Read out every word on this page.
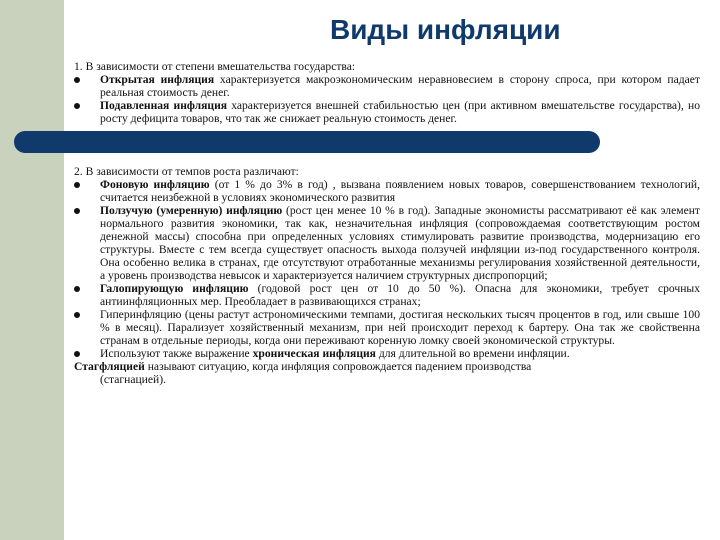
Виды инфляции

1. В зависимости от степени вмешательства государства:

Открытая инфляция характеризуется макроэкономическим неравновесием в сторону спроса, при котором падает реальная стоимость денег.
Подавленная инфляция характеризуется внешней стабильностью цен (при активном вмешательстве государства), но росту дефицита товаров, что так же снижает реальную стоимость денег.

2. В зависимости от темпов роста различают:

Фоновую инфляцию (от 1 % до 3% в год) , вызвана появлением новых товаров, совершенствованием технологий, считается неизбежной в условиях экономического развития
Ползучую (умеренную) инфляцию (рост цен менее 10 % в год). Западные экономисты рассматривают её как элемент нормального развития экономики, так как, незначительная инфляция (сопровождаемая соответствующим ростом денежной массы) способна при определенных условиях стимулировать развитие производства, модернизацию его структуры. Вместе с тем всегда существует опасность выхода ползучей инфляции из-под государственного контроля. Она особенно велика в странах, где отсутствуют отработанные механизмы регулирования хозяйственной деятельности, а уровень производства невысок и характеризуется наличием структурных диспропорций;
Галопирующую инфляцию (годовой рост цен от 10 до 50 %). Опасна для экономики, требует срочных антиинфляционных мер. Преобладает в развивающихся странах;
Гиперинфляцию (цены растут астрономическими темпами, достигая нескольких тысяч процентов в год, или свыше 100 % в месяц). Парализует хозяйственный механизм, при ней происходит переход к бартеру. Она так же свойственна странам в отдельные периоды, когда они переживают коренную ломку своей экономической структуры.
Используют также выражение хроническая инфляция для длительной во времени инфляции.

Стагфляцией называют ситуацию, когда инфляция сопровождается падением производства

(стагнацией).
